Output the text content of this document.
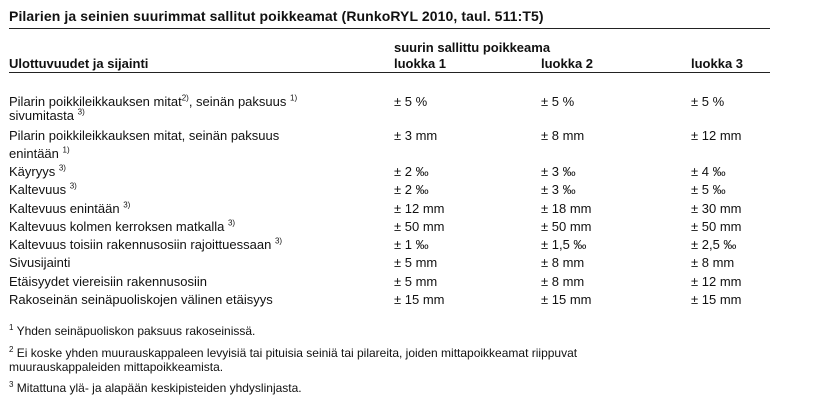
Pilarien ja seinien suurimmat sallitut poikkeamat (RunkoRYL 2010, taul. 511:T5)
suurin sallittu poikkeama
Ulottuvuudet ja sijainti	luokka 1	luokka 2	luokka 3
Pilarin poikkileikkauksen mitat$^{2)}$, seinän paksuus $^{1)}$	± 5 %	± 5 %	± 5 %
sivumitasta $^{3)}$
Pilarin poikkileikkauksen mitat, seinän paksuus	± 3 mm	± 8 mm	± 12 mm
enintään $^{1)}$
Käyryys $^{3)}$	± 2 ‰	± 3 ‰	± 4 ‰
Kaltevuus $^{3)}$	± 2 ‰	± 3 ‰	± 5 ‰
Kaltevuus enintään $^{3)}$	± 12 mm	± 18 mm	± 30 mm
Kaltevuus kolmen kerroksen matkalla $^{3)}$	± 50 mm	± 50 mm	± 50 mm
Kaltevuus toisiin rakennusosiin rajoittuessaan $^{3)}$	± 1 ‰	± 1,5 ‰	± 2,5 ‰
Sivusijainti	± 5 mm	± 8 mm	± 8 mm
Etäisyydet viereisiin rakennusosiin	± 5 mm	± 8 mm	± 12 mm
Rakoseinän seinäpuoliskojen välinen etäisyys	± 15 mm	± 15 mm	± 15 mm
$^1$ Yhden seinäpuoliskon paksuus rakoseinissä.
$^2$ Ei koske yhden muurauskappaleen levyisiä tai pituisia seiniä tai pilareita, joiden mittapoikkeamat riippuvat
muurauskappaleiden mittapoikkeamista.
$^3$ Mitattuna ylä- ja alapään keskipisteiden yhdyslinjasta.
